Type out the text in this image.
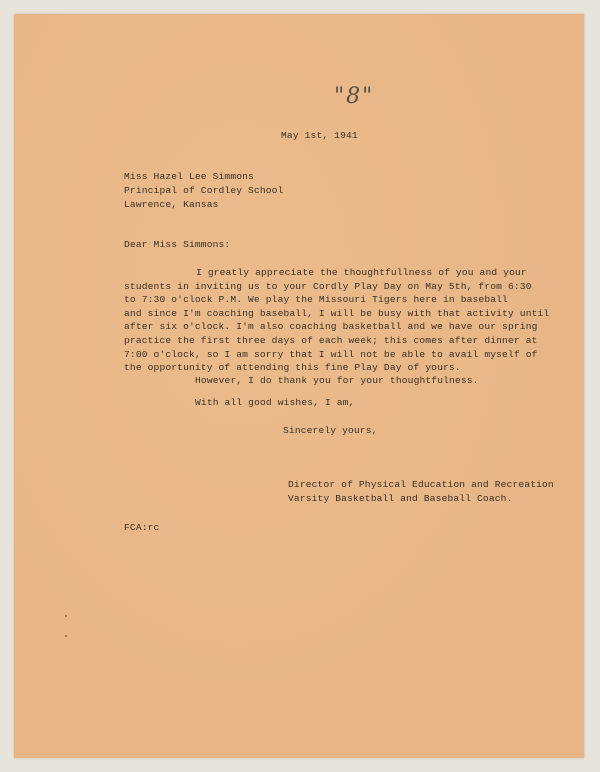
"8"
May 1st, 1941
Miss Hazel Lee Simmons
Principal of Cordley School
Lawrence, Kansas
Dear Miss Simmons:
I greatly appreciate the thoughtfullness of you and your
students in inviting us to your Cordly Play Day on May 5th, from 6:30
to 7:30 o'clock P.M. We play the Missouri Tigers here in baseball
and since I'm coaching baseball, I will be busy with that activity until
after six o'clock. I'm also coaching basketball and we have our spring
practice the first three days of each week; this comes after dinner at
7:00 o'clock, so I am sorry that I will not be able to avail myself of
the opportunity of attending this fine Play Day of yours.
However, I do thank you for your thoughtfulness.
With all good wishes, I am,
Sincerely yours,
Director of Physical Education and Recreation
Varsity Basketball and Baseball Coach.
FCA:rc
